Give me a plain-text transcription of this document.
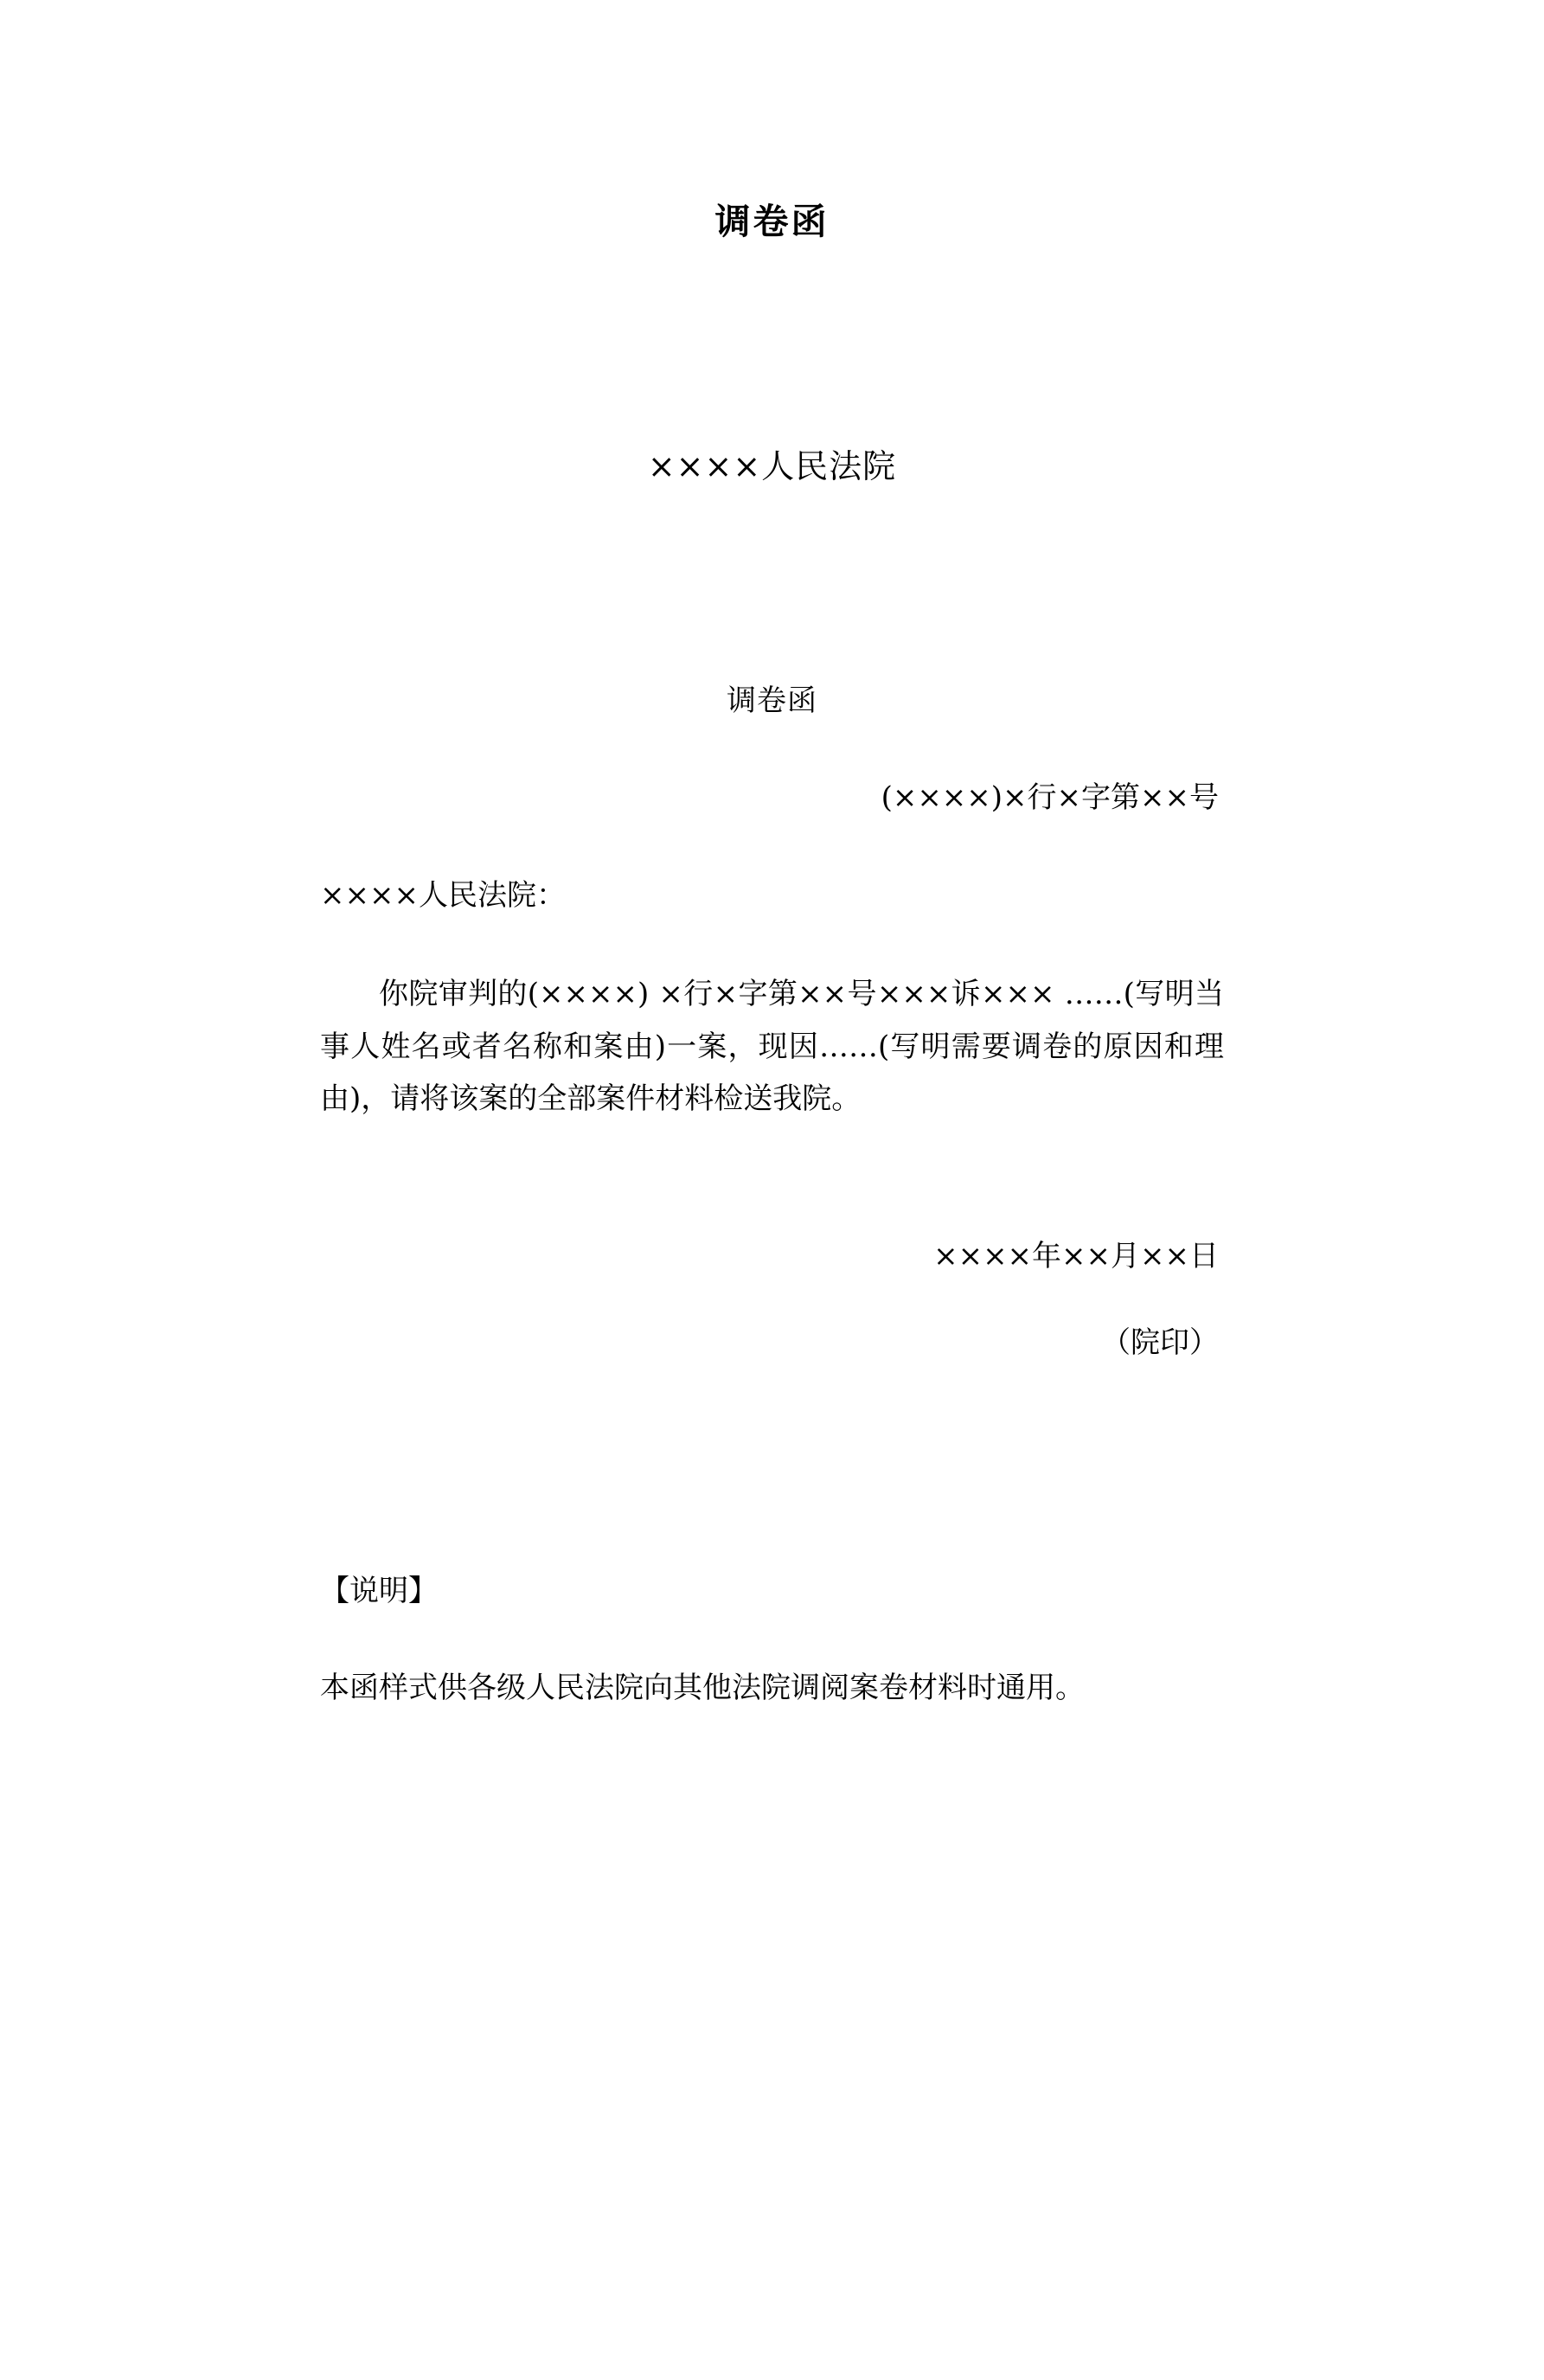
调卷函
××××人民法院
调卷函
(××××)×行×字第××号
××××人民法院：
你院审判的(××××) ×行×字第××号×××诉××× ……(写明当事人姓名或者名称和案由)一案，现因……(写明需要调卷的原因和理由)，请将该案的全部案件材料检送我院。
××××年××月××日
（院印）
【说明】
本函样式供各级人民法院向其他法院调阅案卷材料时通用。
